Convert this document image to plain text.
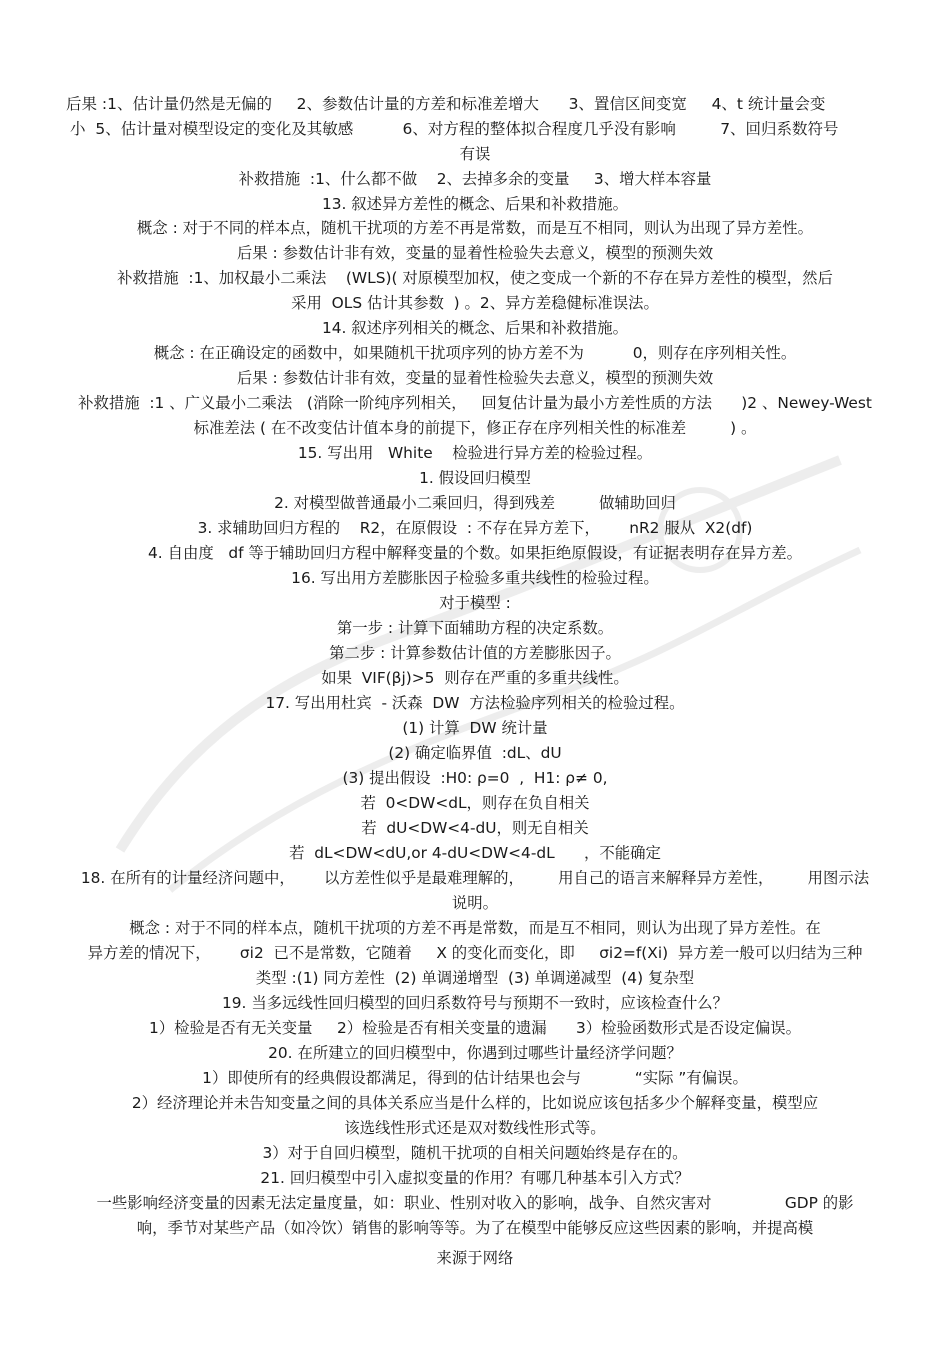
后果 :1、估计量仍然是无偏的     2、参数估计量的方差和标准差增大      3、置信区间变宽     4、t 统计量会变
小  5、估计量对模型设定的变化及其敏感          6、对方程的整体拟合程度几乎没有影响         7、回归系数符号
有误
补救措施  :1、什么都不做    2、去掉多余的变量     3、增大样本容量
13. 叙述异方差性的概念、后果和补救措施。
概念 : 对于不同的样本点，随机干扰项的方差不再是常数，而是互不相同，则认为出现了异方差性。
后果 : 参数估计非有效，变量的显着性检验失去意义，模型的预测失效
补救措施  :1、加权最小二乘法    (WLS)( 对原模型加权，使之变成一个新的不存在异方差性的模型，然后
采用  OLS 估计其参数  ) 。2、异方差稳健标准误法。
14. 叙述序列相关的概念、后果和补救措施。
概念 : 在正确设定的函数中，如果随机干扰项序列的协方差不为          0，则存在序列相关性。
后果 : 参数估计非有效，变量的显着性检验失去意义，模型的预测失效
补救措施  :1 、广义最小二乘法   (消除一阶纯序列相关，   回复估计量为最小方差性质的方法      )2 、Newey-West
标准差法 ( 在不改变估计值本身的前提下，修正存在序列相关性的标准差         ) 。
15. 写出用   White    检验进行异方差的检验过程。
1. 假设回归模型
2. 对模型做普通最小二乘回归，得到残差         做辅助回归
3. 求辅助回归方程的    R2，在原假设  : 不存在异方差下，      nR2 服从  X2(df)
4. 自由度   df 等于辅助回归方程中解释变量的个数。如果拒绝原假设，有证据表明存在异方差。
16. 写出用方差膨胀因子检验多重共线性的检验过程。
对于模型 :
第一步 : 计算下面辅助方程的决定系数。
第二步 : 计算参数估计值的方差膨胀因子。
如果  VIF(βj)>5  则存在严重的多重共线性。
17. 写出用杜宾  - 沃森  DW  方法检验序列相关的检验过程。
(1) 计算  DW 统计量
(2) 确定临界值  :dL、dU
(3) 提出假设  :H0: ρ=0  ,  H1: ρ≠ 0,
若  0<DW<dL，则存在负自相关
若  dU<DW<4-dU，则无自相关
若  dL<DW<dU,or 4-dU<DW<4-dL      ，不能确定
18. 在所有的计量经济问题中，      以方差性似乎是最难理解的，       用自己的语言来解释异方差性，       用图示法
说明。
概念 : 对于不同的样本点，随机干扰项的方差不再是常数，而是互不相同，则认为出现了异方差性。在
异方差的情况下，      σi2  已不是常数，它随着     X 的变化而变化，即     σi2=f(Xi)  异方差一般可以归结为三种
类型 :(1) 同方差性  (2) 单调递增型  (3) 单调递减型  (4) 复杂型
19. 当多远线性回归模型的回归系数符号与预期不一致时，应该检查什么？
1）检验是否有无关变量     2）检验是否有相关变量的遗漏      3）检验函数形式是否设定偏误。
20. 在所建立的回归模型中，你遇到过哪些计量经济学问题？
1）即使所有的经典假设都满足，得到的估计结果也会与           “实际 ”有偏误。
2）经济理论并未告知变量之间的具体关系应当是什么样的，比如说应该包括多少个解释变量，模型应
该选线性形式还是双对数线性形式等。
3）对于自回归模型，随机干扰项的自相关问题始终是存在的。
21. 回归模型中引入虚拟变量的作用？有哪几种基本引入方式？
一些影响经济变量的因素无法定量度量，如：职业、性别对收入的影响，战争、自然灾害对               GDP 的影
响，季节对某些产品（如冷饮）销售的影响等等。为了在模型中能够反应这些因素的影响，并提高模
来源于网络
